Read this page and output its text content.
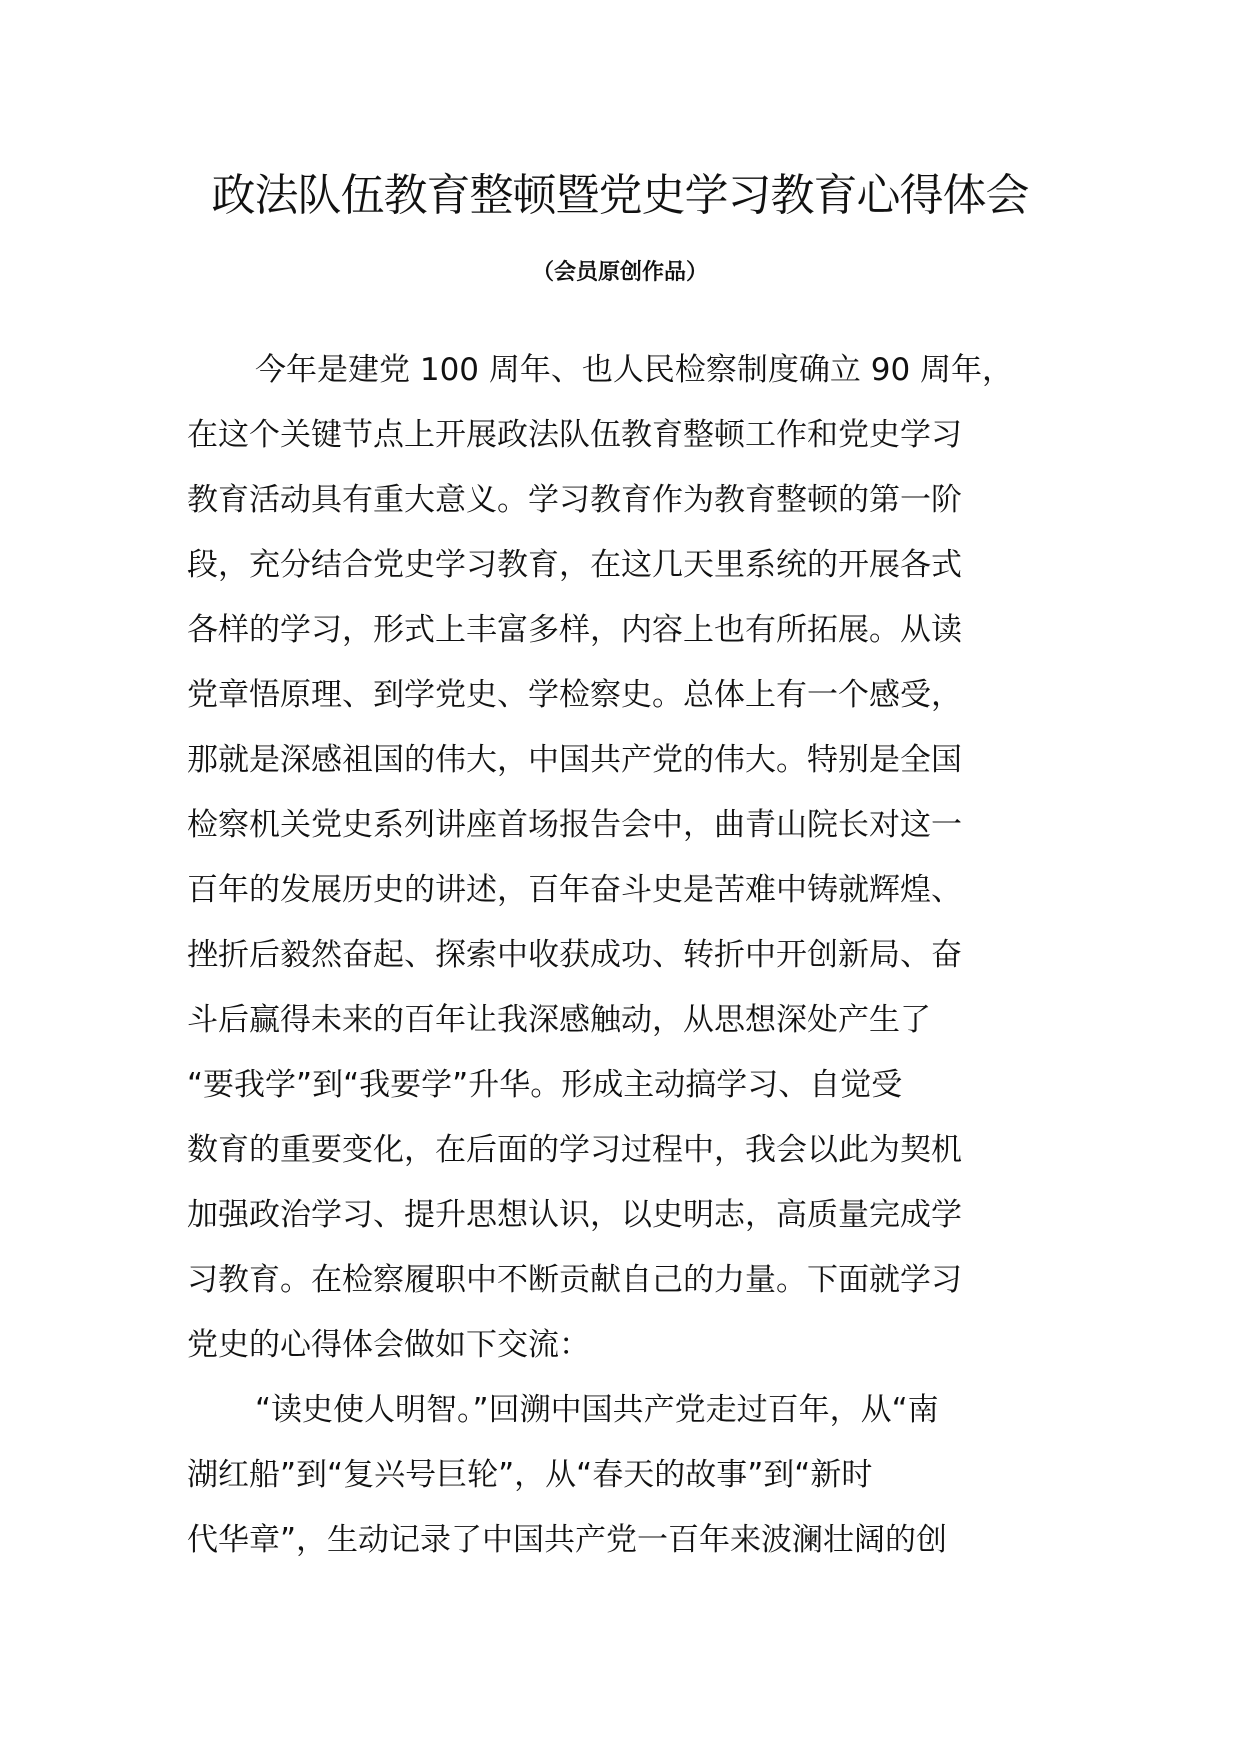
政法队伍教育整顿暨党史学习教育心得体会
（会员原创作品）

今年是建党 100 周年、也人民检察制度确立 90 周年，

在这个关键节点上开展政法队伍教育整顿工作和党史学习

教育活动具有重大意义。学习教育作为教育整顿的第一阶

段，充分结合党史学习教育，在这几天里系统的开展各式

各样的学习，形式上丰富多样，内容上也有所拓展。从读

党章悟原理、到学党史、学检察史。总体上有一个感受，

那就是深感祖国的伟大，中国共产党的伟大。特别是全国

检察机关党史系列讲座首场报告会中，曲青山院长对这一

百年的发展历史的讲述，百年奋斗史是苦难中铸就辉煌、

挫折后毅然奋起、探索中收获成功、转折中开创新局、奋

斗后赢得未来的百年让我深感触动，从思想深处产生了

“要我学”到“我要学”升华。形成主动搞学习、自觉受

数育的重要变化，在后面的学习过程中，我会以此为契机

加强政治学习、提升思想认识，以史明志，高质量完成学

习教育。在检察履职中不断贡献自己的力量。下面就学习

党史的心得体会做如下交流：

“读史使人明智。”回溯中国共产党走过百年，从“南

湖红船”到“复兴号巨轮”，从“春天的故事”到“新时

代华章”，生动记录了中国共产党一百年来波澜壮阔的创
